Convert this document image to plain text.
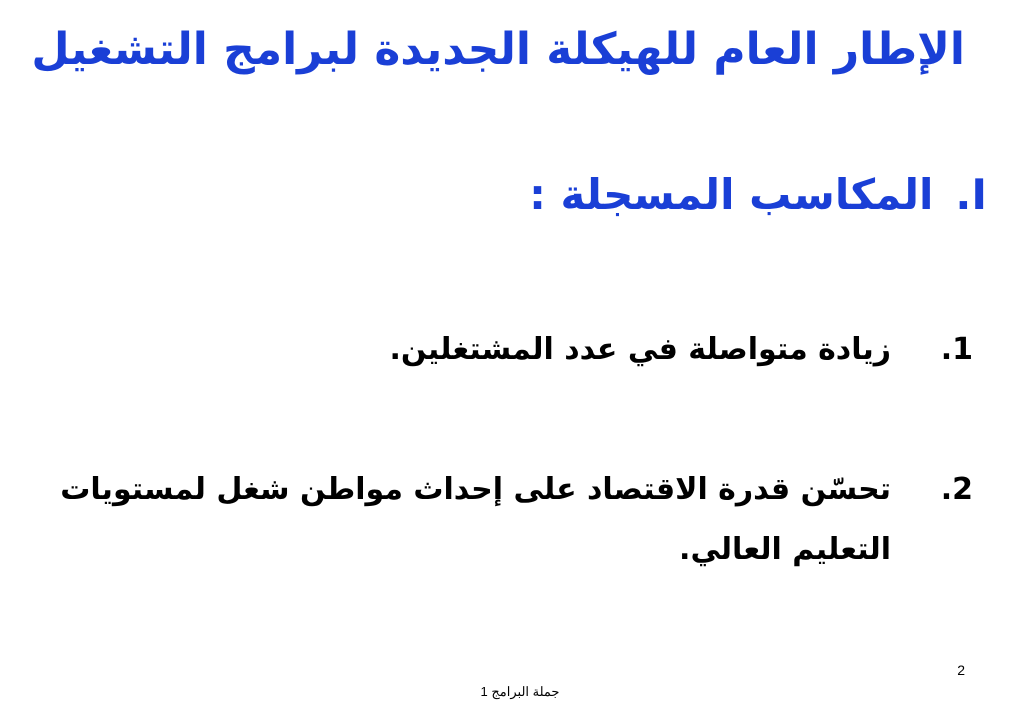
الإطار العام للهيكلة الجديدة لبرامج التشغيل
I.المكاسب المسجلة :
1.
زيادة متواصلة في عدد المشتغلين.
2.
تحسّن قدرة الاقتصاد على إحداث مواطن شغل لمستويات التعليم العالي.
2
جملة البرامج 1
